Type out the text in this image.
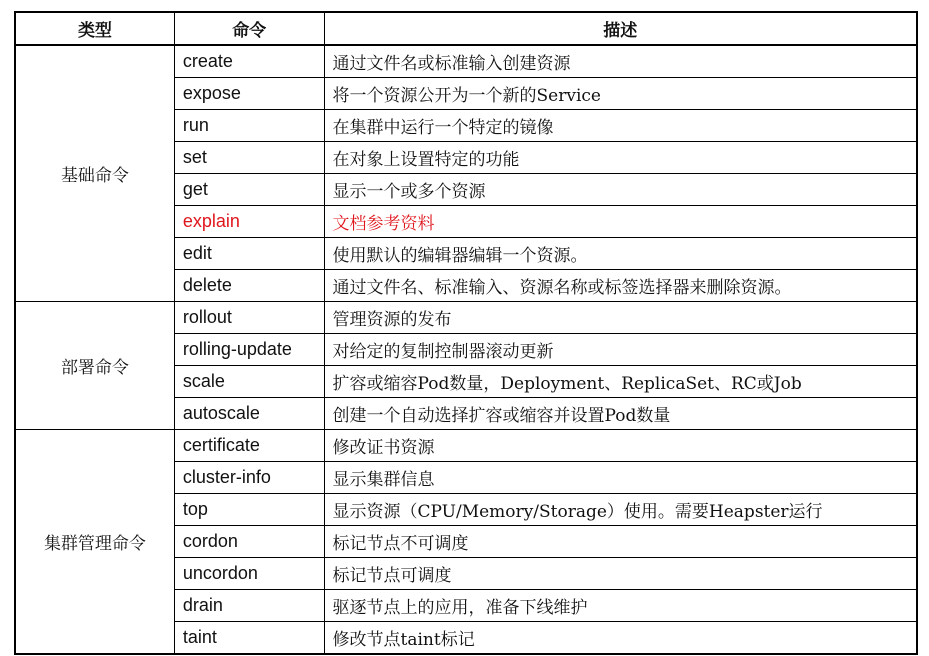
类型	命令	描述
基础命令	create	通过文件名或标准输入创建资源
	expose	将一个资源公开为一个新的Service
	run	在集群中运行一个特定的镜像
	set	在对象上设置特定的功能
	get	显示一个或多个资源
	explain	文档参考资料
	edit	使用默认的编辑器编辑一个资源。
	delete	通过文件名、标准输入、资源名称或标签选择器来删除资源。
部署命令	rollout	管理资源的发布
	rolling-update	对给定的复制控制器滚动更新
	scale	扩容或缩容Pod数量，Deployment、ReplicaSet、RC或Job
	autoscale	创建一个自动选择扩容或缩容并设置Pod数量
集群管理命令	certificate	修改证书资源
	cluster-info	显示集群信息
	top	显示资源（CPU/Memory/Storage）使用。需要Heapster运行
	cordon	标记节点不可调度
	uncordon	标记节点可调度
	drain	驱逐节点上的应用，准备下线维护
	taint	修改节点taint标记
